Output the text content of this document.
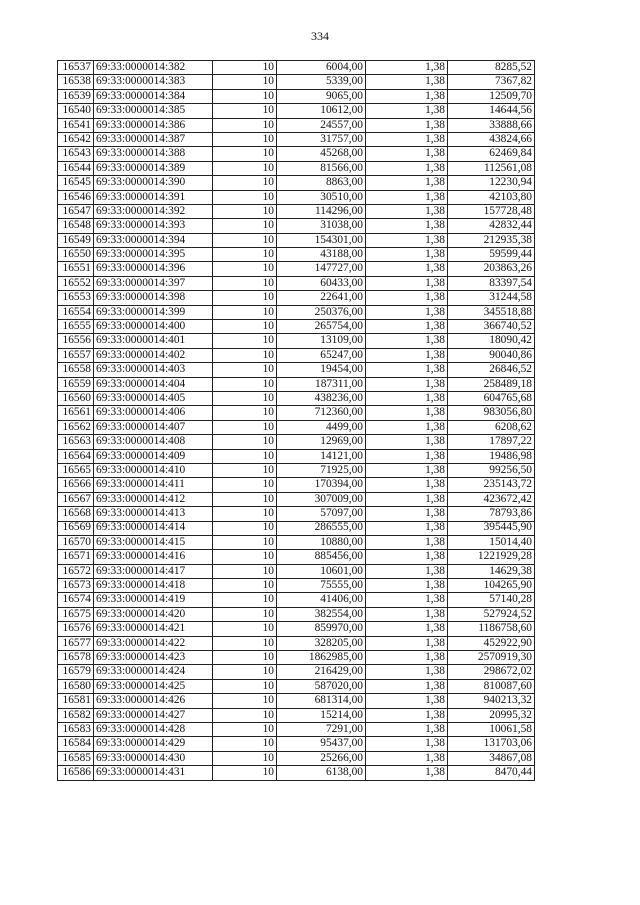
334
16537	69:33:0000014:382	10	6004,00	1,38	8285,52
16538	69:33:0000014:383	10	5339,00	1,38	7367,82
16539	69:33:0000014:384	10	9065,00	1,38	12509,70
16540	69:33:0000014:385	10	10612,00	1,38	14644,56
16541	69:33:0000014:386	10	24557,00	1,38	33888,66
16542	69:33:0000014:387	10	31757,00	1,38	43824,66
16543	69:33:0000014:388	10	45268,00	1,38	62469,84
16544	69:33:0000014:389	10	81566,00	1,38	112561,08
16545	69:33:0000014:390	10	8863,00	1,38	12230,94
16546	69:33:0000014:391	10	30510,00	1,38	42103,80
16547	69:33:0000014:392	10	114296,00	1,38	157728,48
16548	69:33:0000014:393	10	31038,00	1,38	42832,44
16549	69:33:0000014:394	10	154301,00	1,38	212935,38
16550	69:33:0000014:395	10	43188,00	1,38	59599,44
16551	69:33:0000014:396	10	147727,00	1,38	203863,26
16552	69:33:0000014:397	10	60433,00	1,38	83397,54
16553	69:33:0000014:398	10	22641,00	1,38	31244,58
16554	69:33:0000014:399	10	250376,00	1,38	345518,88
16555	69:33:0000014:400	10	265754,00	1,38	366740,52
16556	69:33:0000014:401	10	13109,00	1,38	18090,42
16557	69:33:0000014:402	10	65247,00	1,38	90040,86
16558	69:33:0000014:403	10	19454,00	1,38	26846,52
16559	69:33:0000014:404	10	187311,00	1,38	258489,18
16560	69:33:0000014:405	10	438236,00	1,38	604765,68
16561	69:33:0000014:406	10	712360,00	1,38	983056,80
16562	69:33:0000014:407	10	4499,00	1,38	6208,62
16563	69:33:0000014:408	10	12969,00	1,38	17897,22
16564	69:33:0000014:409	10	14121,00	1,38	19486,98
16565	69:33:0000014:410	10	71925,00	1,38	99256,50
16566	69:33:0000014:411	10	170394,00	1,38	235143,72
16567	69:33:0000014:412	10	307009,00	1,38	423672,42
16568	69:33:0000014:413	10	57097,00	1,38	78793,86
16569	69:33:0000014:414	10	286555,00	1,38	395445,90
16570	69:33:0000014:415	10	10880,00	1,38	15014,40
16571	69:33:0000014:416	10	885456,00	1,38	1221929,28
16572	69:33:0000014:417	10	10601,00	1,38	14629,38
16573	69:33:0000014:418	10	75555,00	1,38	104265,90
16574	69:33:0000014:419	10	41406,00	1,38	57140,28
16575	69:33:0000014:420	10	382554,00	1,38	527924,52
16576	69:33:0000014:421	10	859970,00	1,38	1186758,60
16577	69:33:0000014:422	10	328205,00	1,38	452922,90
16578	69:33:0000014:423	10	1862985,00	1,38	2570919,30
16579	69:33:0000014:424	10	216429,00	1,38	298672,02
16580	69:33:0000014:425	10	587020,00	1,38	810087,60
16581	69:33:0000014:426	10	681314,00	1,38	940213,32
16582	69:33:0000014:427	10	15214,00	1,38	20995,32
16583	69:33:0000014:428	10	7291,00	1,38	10061,58
16584	69:33:0000014:429	10	95437,00	1,38	131703,06
16585	69:33:0000014:430	10	25266,00	1,38	34867,08
16586	69:33:0000014:431	10	6138,00	1,38	8470,44
